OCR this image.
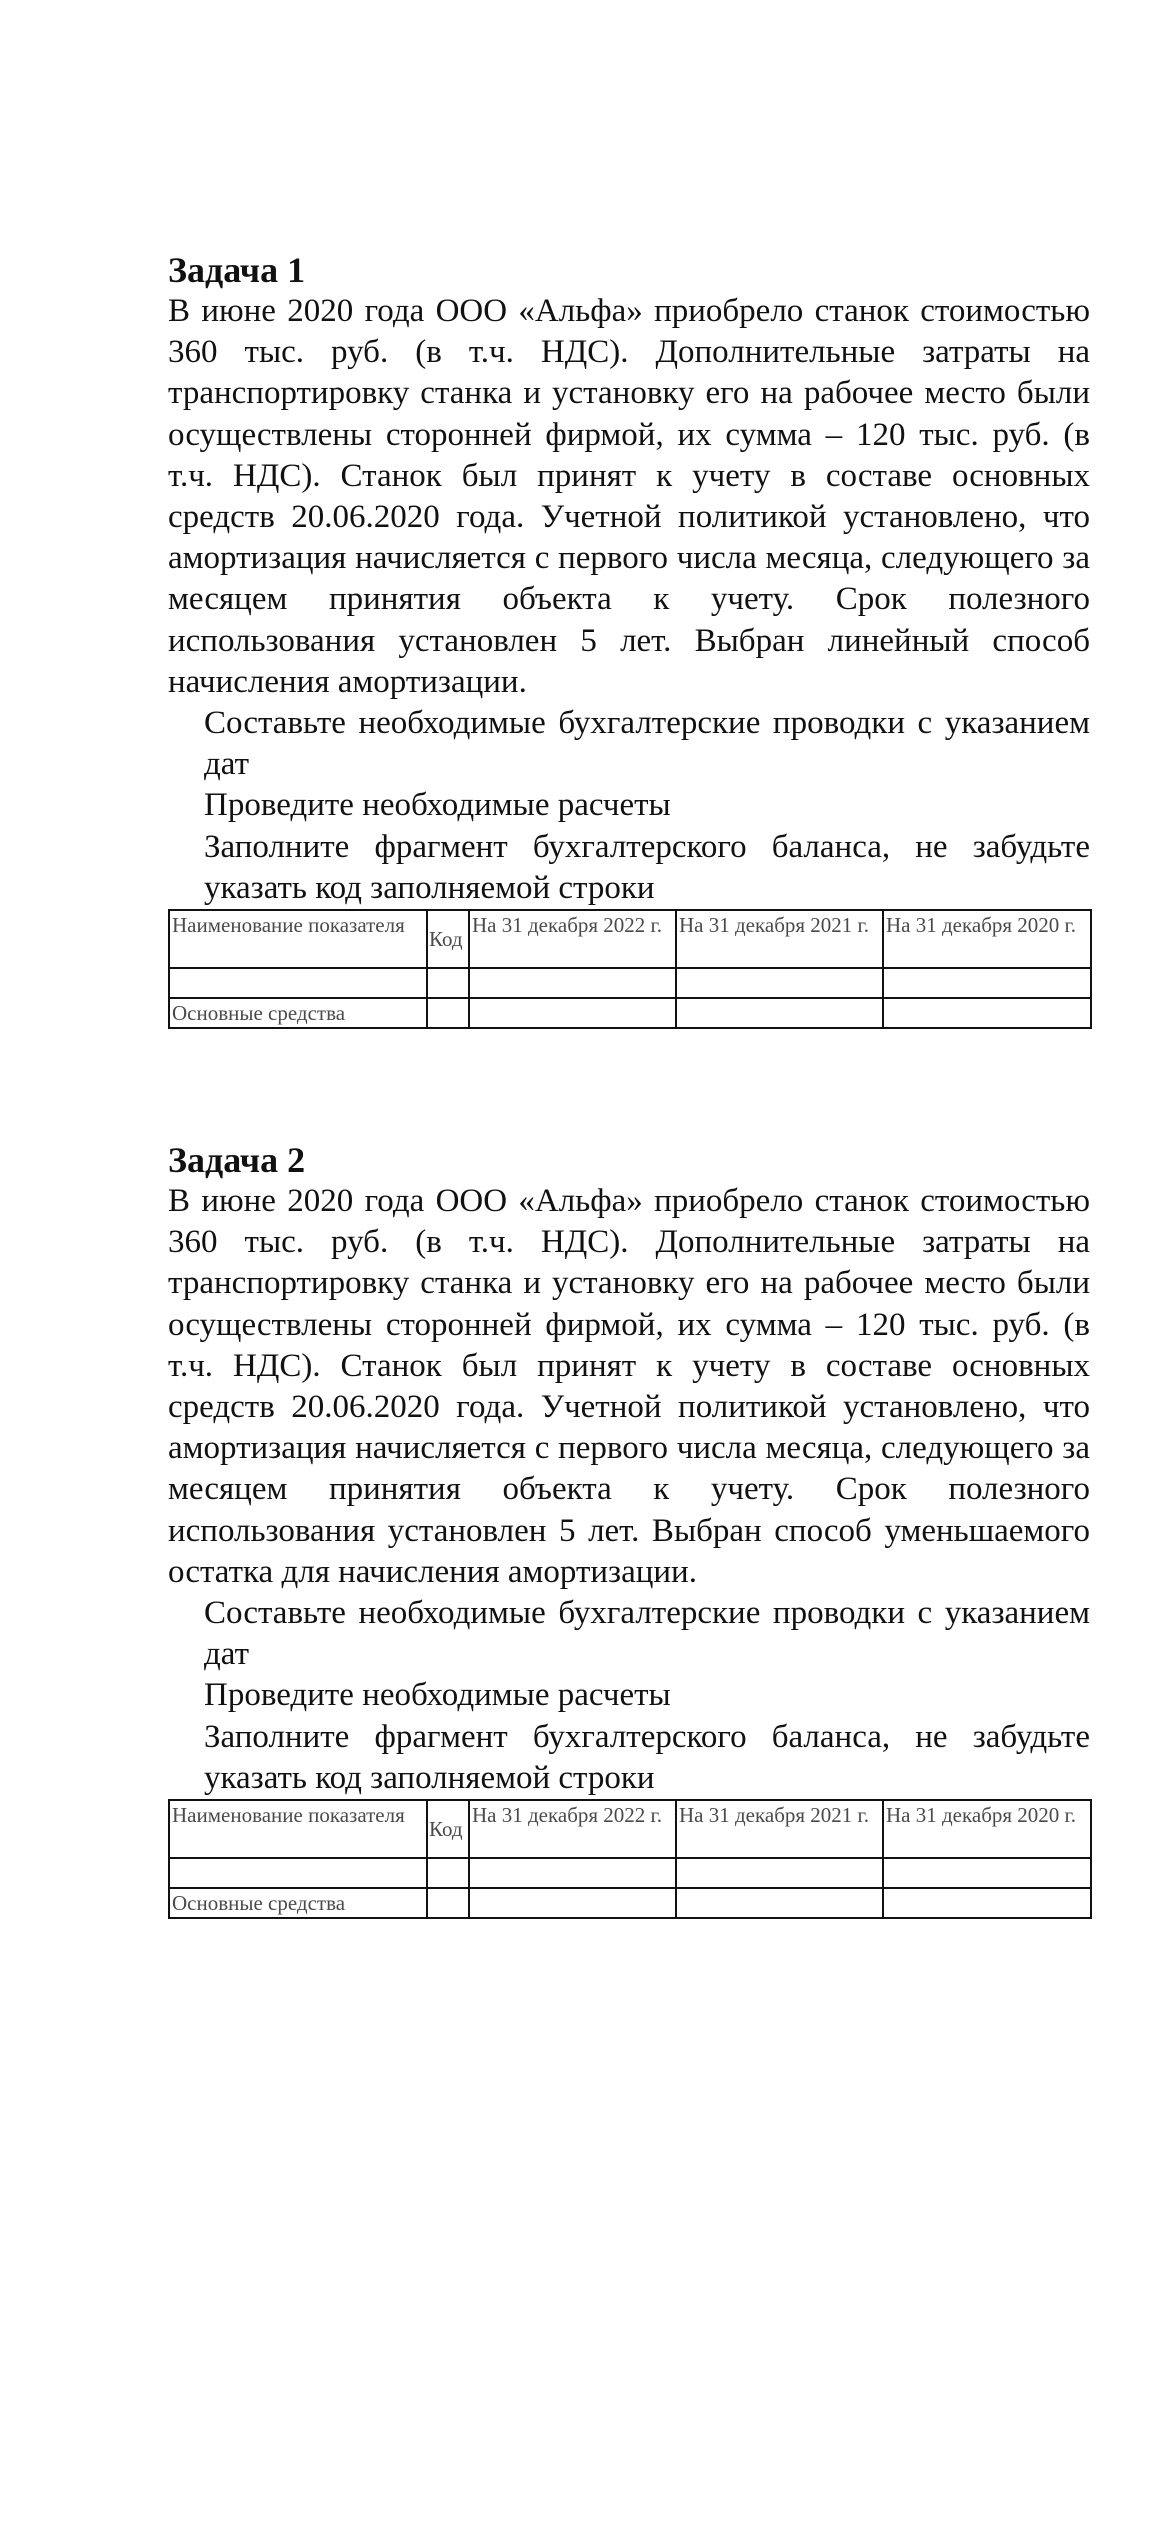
Задача 1

В июне 2020 года ООО «Альфа» приобрело станок стоимостью 360 тыс. руб. (в т.ч. НДС). Дополнительные затраты на транспортировку станка и установку его на рабочее место были осуществлены сторонней фирмой, их сумма – 120 тыс. руб. (в т.ч. НДС). Станок был принят к учету в составе основных средств 20.06.2020 года. Учетной политикой установлено, что амортизация начисляется с первого числа месяца, следующего за месяцем принятия объекта к учету. Срок полезного использования установлен 5 лет. Выбран линейный способ начисления амортизации.

Составьте необходимые бухгалтерские проводки с указанием дат
Проведите необходимые расчеты
Заполните фрагмент бухгалтерского баланса, не забудьте указать код заполняемой строки
Наименование показателя	Код	На 31 декабря 2022 г.	На 31 декабря 2021 г.	На 31 декабря 2020 г.

Основные средства				
Задача 2

В июне 2020 года ООО «Альфа» приобрело станок стоимостью 360 тыс. руб. (в т.ч. НДС). Дополнительные затраты на транспортировку станка и установку его на рабочее место были осуществлены сторонней фирмой, их сумма – 120 тыс. руб. (в т.ч. НДС). Станок был принят к учету в составе основных средств 20.06.2020 года. Учетной политикой установлено, что амортизация начисляется с первого числа месяца, следующего за месяцем принятия объекта к учету. Срок полезного использования установлен 5 лет. Выбран способ уменьшаемого остатка для начисления амортизации.

Составьте необходимые бухгалтерские проводки с указанием дат
Проведите необходимые расчеты
Заполните фрагмент бухгалтерского баланса, не забудьте указать код заполняемой строки
Наименование показателя	Код	На 31 декабря 2022 г.	На 31 декабря 2021 г.	На 31 декабря 2020 г.

Основные средства				
